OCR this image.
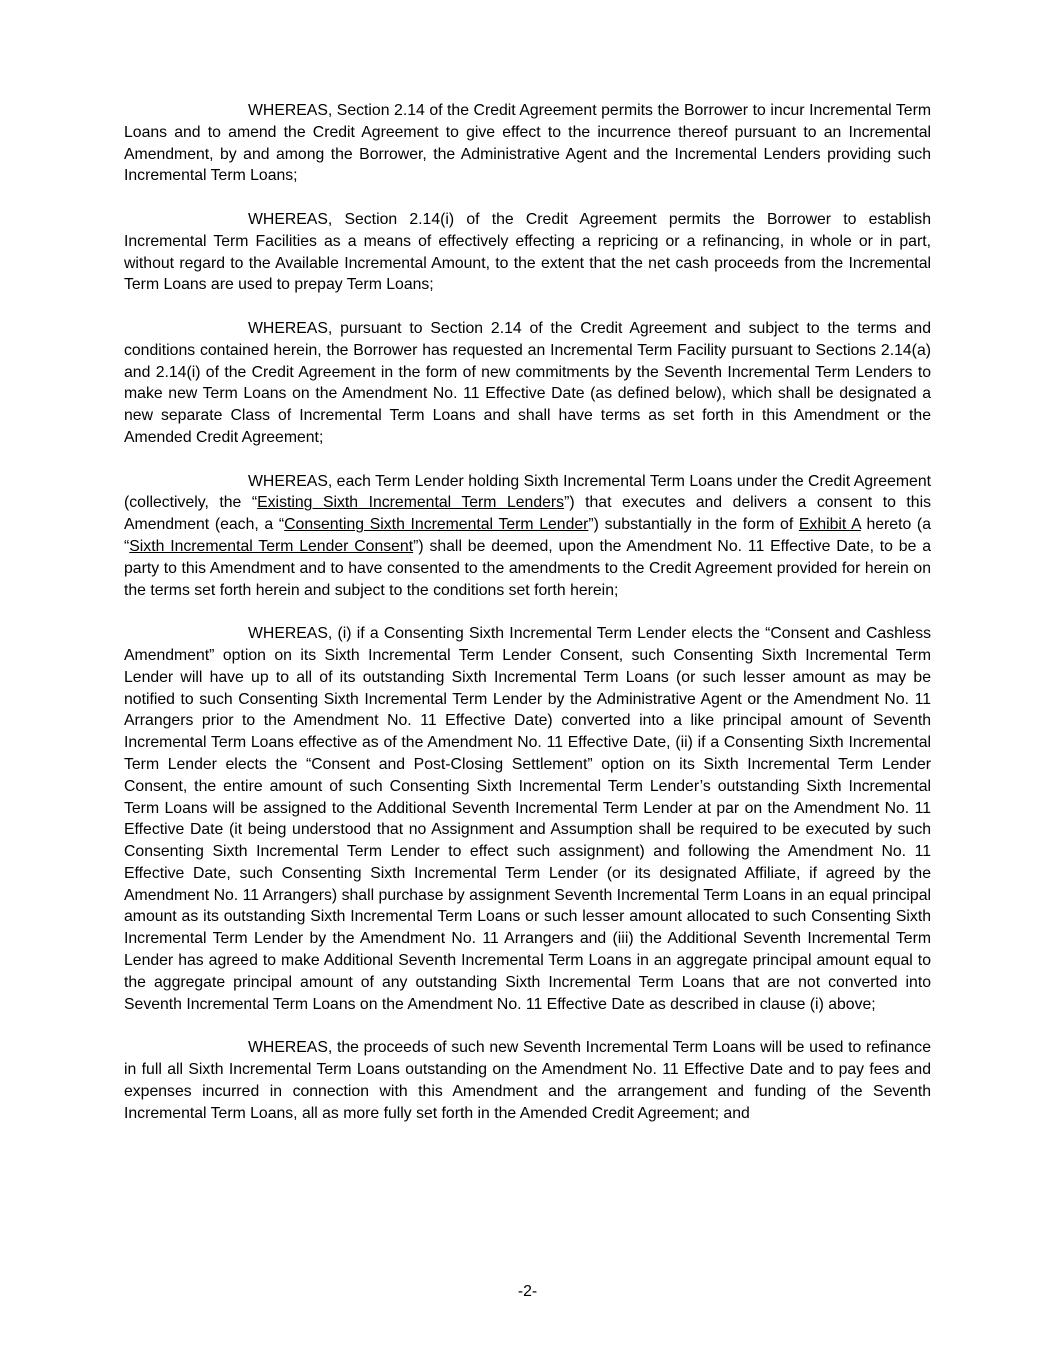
WHEREAS, Section 2.14 of the Credit Agreement permits the Borrower to incur Incremental Term Loans and to amend the Credit Agreement to give effect to the incurrence thereof pursuant to an Incremental Amendment, by and among the Borrower, the Administrative Agent and the Incremental Lenders providing such Incremental Term Loans;

WHEREAS, Section 2.14(i) of the Credit Agreement permits the Borrower to establish Incremental Term Facilities as a means of effectively effecting a repricing or a refinancing, in whole or in part, without regard to the Available Incremental Amount, to the extent that the net cash proceeds from the Incremental Term Loans are used to prepay Term Loans;

WHEREAS, pursuant to Section 2.14 of the Credit Agreement and subject to the terms and conditions contained herein, the Borrower has requested an Incremental Term Facility pursuant to Sections 2.14(a) and 2.14(i) of the Credit Agreement in the form of new commitments by the Seventh Incremental Term Lenders to make new Term Loans on the Amendment No. 11 Effective Date (as defined below), which shall be designated a new separate Class of Incremental Term Loans and shall have terms as set forth in this Amendment or the Amended Credit Agreement;

WHEREAS, each Term Lender holding Sixth Incremental Term Loans under the Credit Agreement (collectively, the “Existing Sixth Incremental Term Lenders”) that executes and delivers a consent to this Amendment (each, a “Consenting Sixth Incremental Term Lender”) substantially in the form of Exhibit A hereto (a “Sixth Incremental Term Lender Consent”) shall be deemed, upon the Amendment No. 11 Effective Date, to be a party to this Amendment and to have consented to the amendments to the Credit Agreement provided for herein on the terms set forth herein and subject to the conditions set forth herein;

WHEREAS, (i) if a Consenting Sixth Incremental Term Lender elects the “Consent and Cashless Amendment” option on its Sixth Incremental Term Lender Consent, such Consenting Sixth Incremental Term Lender will have up to all of its outstanding Sixth Incremental Term Loans (or such lesser amount as may be notified to such Consenting Sixth Incremental Term Lender by the Administrative Agent or the Amendment No. 11 Arrangers prior to the Amendment No. 11 Effective Date) converted into a like principal amount of Seventh Incremental Term Loans effective as of the Amendment No. 11 Effective Date, (ii) if a Consenting Sixth Incremental Term Lender elects the “Consent and Post-Closing Settlement” option on its Sixth Incremental Term Lender Consent, the entire amount of such Consenting Sixth Incremental Term Lender’s outstanding Sixth Incremental Term Loans will be assigned to the Additional Seventh Incremental Term Lender at par on the Amendment No. 11 Effective Date (it being understood that no Assignment and Assumption shall be required to be executed by such Consenting Sixth Incremental Term Lender to effect such assignment) and following the Amendment No. 11 Effective Date, such Consenting Sixth Incremental Term Lender (or its designated Affiliate, if agreed by the Amendment No. 11 Arrangers) shall purchase by assignment Seventh Incremental Term Loans in an equal principal amount as its outstanding Sixth Incremental Term Loans or such lesser amount allocated to such Consenting Sixth Incremental Term Lender by the Amendment No. 11 Arrangers and (iii) the Additional Seventh Incremental Term Lender has agreed to make Additional Seventh Incremental Term Loans in an aggregate principal amount equal to the aggregate principal amount of any outstanding Sixth Incremental Term Loans that are not converted into Seventh Incremental Term Loans on the Amendment No. 11 Effective Date as described in clause (i) above;

WHEREAS, the proceeds of such new Seventh Incremental Term Loans will be used to refinance in full all Sixth Incremental Term Loans outstanding on the Amendment No. 11 Effective Date and to pay fees and expenses incurred in connection with this Amendment and the arrangement and funding of the Seventh Incremental Term Loans, all as more fully set forth in the Amended Credit Agreement; and

-2-
